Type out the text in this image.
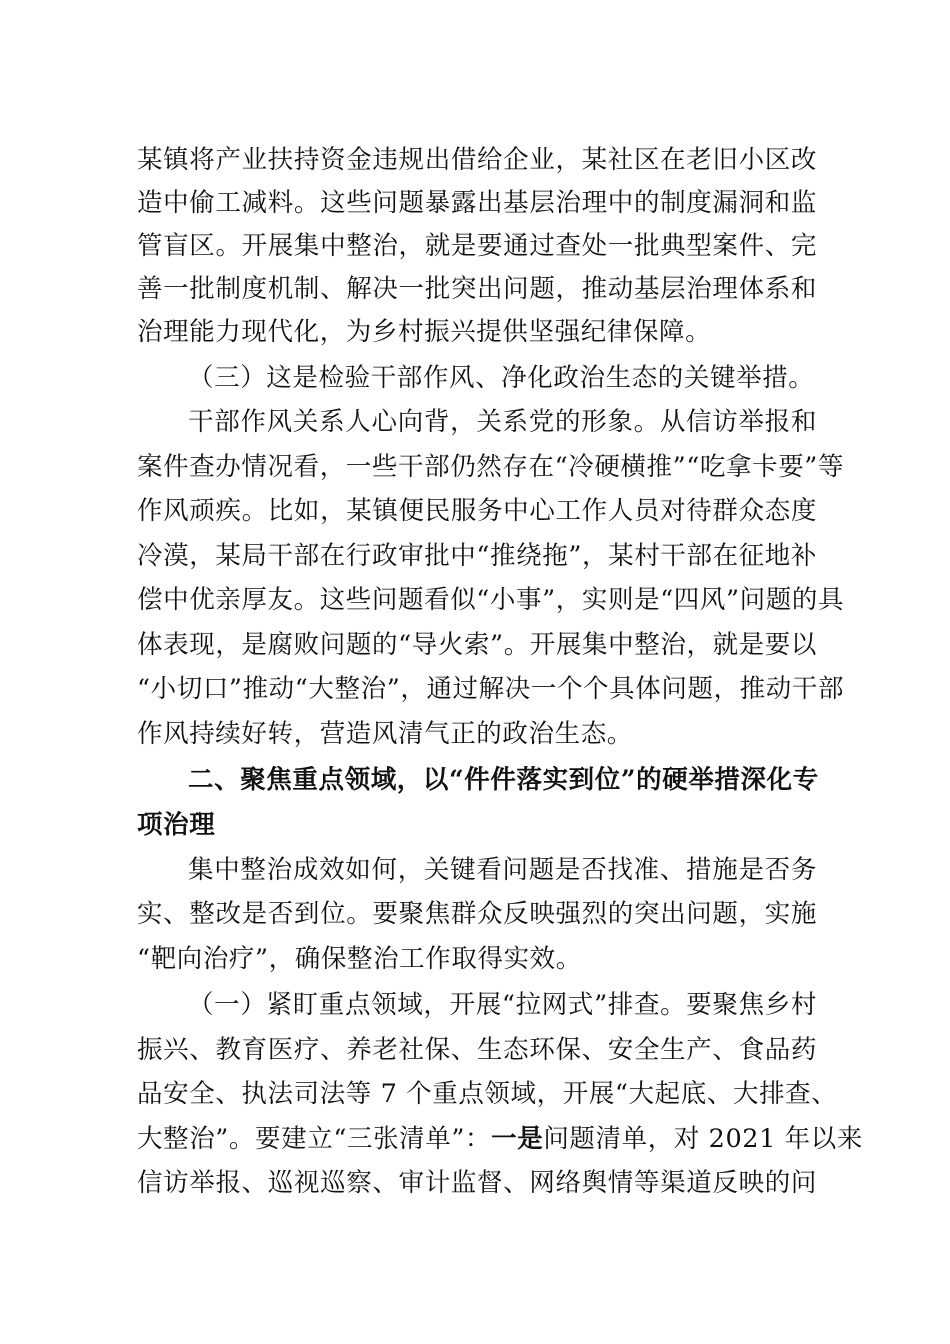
某镇将产业扶持资金违规出借给企业，某社区在老旧小区改
造中偷工减料。这些问题暴露出基层治理中的制度漏洞和监
管盲区。开展集中整治，就是要通过查处一批典型案件、完
善一批制度机制、解决一批突出问题，推动基层治理体系和
治理能力现代化，为乡村振兴提供坚强纪律保障。
（三）这是检验干部作风、净化政治生态的关键举措。
干部作风关系人心向背，关系党的形象。从信访举报和
案件查办情况看，一些干部仍然存在“冷硬横推”“吃拿卡要”等
作风顽疾。比如，某镇便民服务中心工作人员对待群众态度
冷漠，某局干部在行政审批中“推绕拖”，某村干部在征地补
偿中优亲厚友。这些问题看似“小事”，实则是“四风”问题的具
体表现，是腐败问题的“导火索”。开展集中整治，就是要以
“小切口”推动“大整治”，通过解决一个个具体问题，推动干部
作风持续好转，营造风清气正的政治生态。
二、聚焦重点领域，以“件件落实到位”的硬举措深化专
项治理
集中整治成效如何，关键看问题是否找准、措施是否务
实、整改是否到位。要聚焦群众反映强烈的突出问题，实施
“靶向治疗”，确保整治工作取得实效。
（一）紧盯重点领域，开展“拉网式”排查。要聚焦乡村
振兴、教育医疗、养老社保、生态环保、安全生产、食品药
品安全、执法司法等 7 个重点领域，开展“大起底、大排查、
大整治”。要建立“三张清单”：一是问题清单，对 2021 年以来
信访举报、巡视巡察、审计监督、网络舆情等渠道反映的问
